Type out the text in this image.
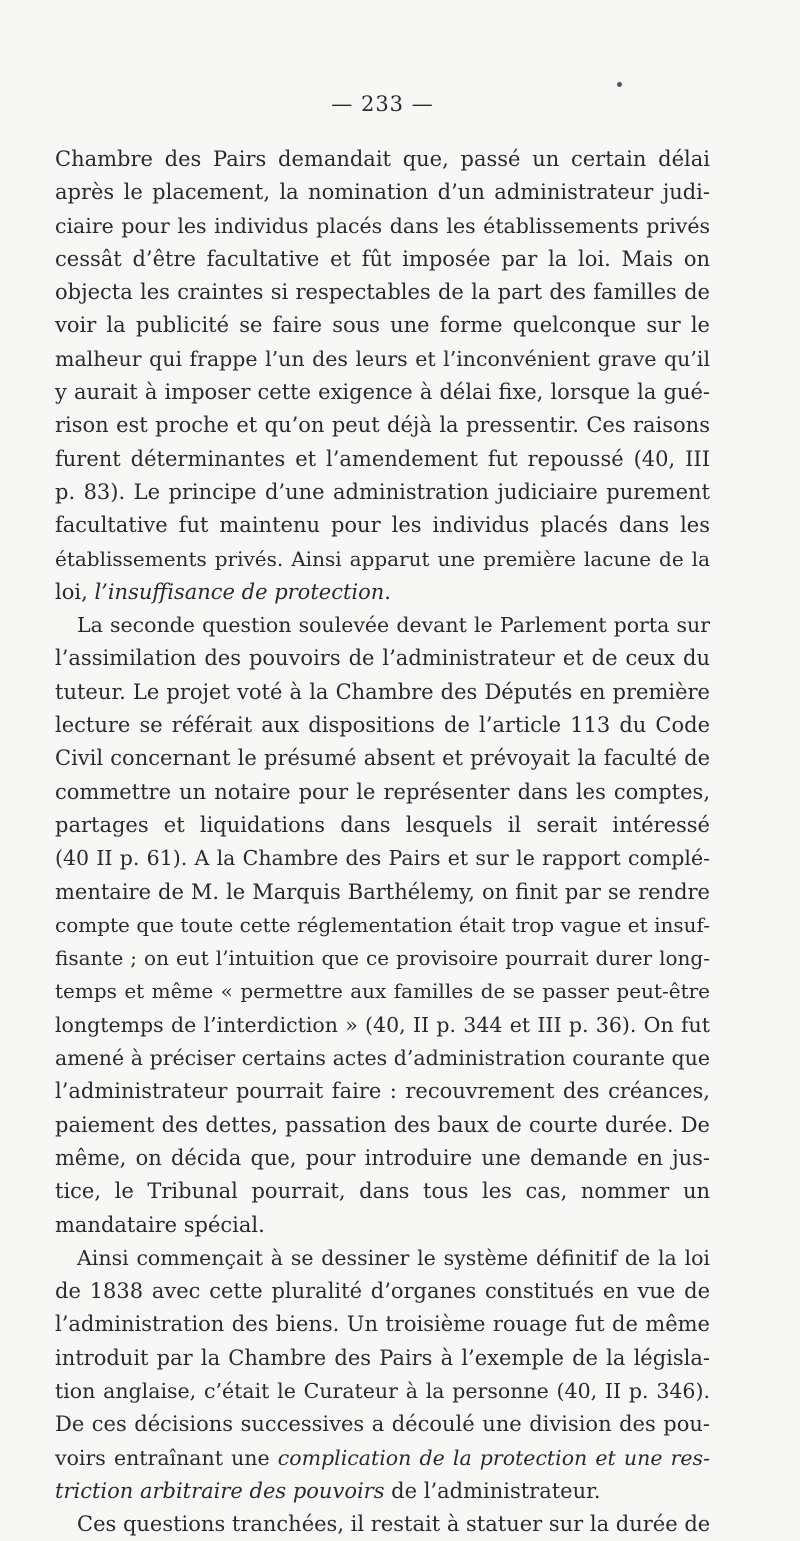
— 233 —
Chambre des Pairs demandait que, passé un certain délai
après le placement, la nomination d’un administrateur judi-
ciaire pour les individus placés dans les établissements privés
cessât d’être facultative et fût imposée par la loi. Mais on
objecta les craintes si respectables de la part des familles de
voir la publicité se faire sous une forme quelconque sur le
malheur qui frappe l’un des leurs et l’inconvénient grave qu’il
y aurait à imposer cette exigence à délai fixe, lorsque la gué-
rison est proche et qu’on peut déjà la pressentir. Ces raisons
furent déterminantes et l’amendement fut repoussé (40, III
p. 83). Le principe d’une administration judiciaire purement
facultative fut maintenu pour les individus placés dans les
établissements privés. Ainsi apparut une première lacune de la
loi, l’insuffisance de protection.
La seconde question soulevée devant le Parlement porta sur
l’assimilation des pouvoirs de l’administrateur et de ceux du
tuteur. Le projet voté à la Chambre des Députés en première
lecture se référait aux dispositions de l’article 113 du Code
Civil concernant le présumé absent et prévoyait la faculté de
commettre un notaire pour le représenter dans les comptes,
partages et liquidations dans lesquels il serait intéressé
(40 II p. 61). A la Chambre des Pairs et sur le rapport complé-
mentaire de M. le Marquis Barthélemy, on finit par se rendre
compte que toute cette réglementation était trop vague et insuf-
fisante ; on eut l’intuition que ce provisoire pourrait durer long-
temps et même « permettre aux familles de se passer peut-être
longtemps de l’interdiction » (40, II p. 344 et III p. 36). On fut
amené à préciser certains actes d’administration courante que
l’administrateur pourrait faire : recouvrement des créances,
paiement des dettes, passation des baux de courte durée. De
même, on décida que, pour introduire une demande en jus-
tice, le Tribunal pourrait, dans tous les cas, nommer un
mandataire spécial.
Ainsi commençait à se dessiner le système définitif de la loi
de 1838 avec cette pluralité d’organes constitués en vue de
l’administration des biens. Un troisième rouage fut de même
introduit par la Chambre des Pairs à l’exemple de la législa-
tion anglaise, c’était le Curateur à la personne (40, II p. 346).
De ces décisions successives a découlé une division des pou-
voirs entraînant une complication de la protection et une res-
triction arbitraire des pouvoirs de l’administrateur.
Ces questions tranchées, il restait à statuer sur la durée de
